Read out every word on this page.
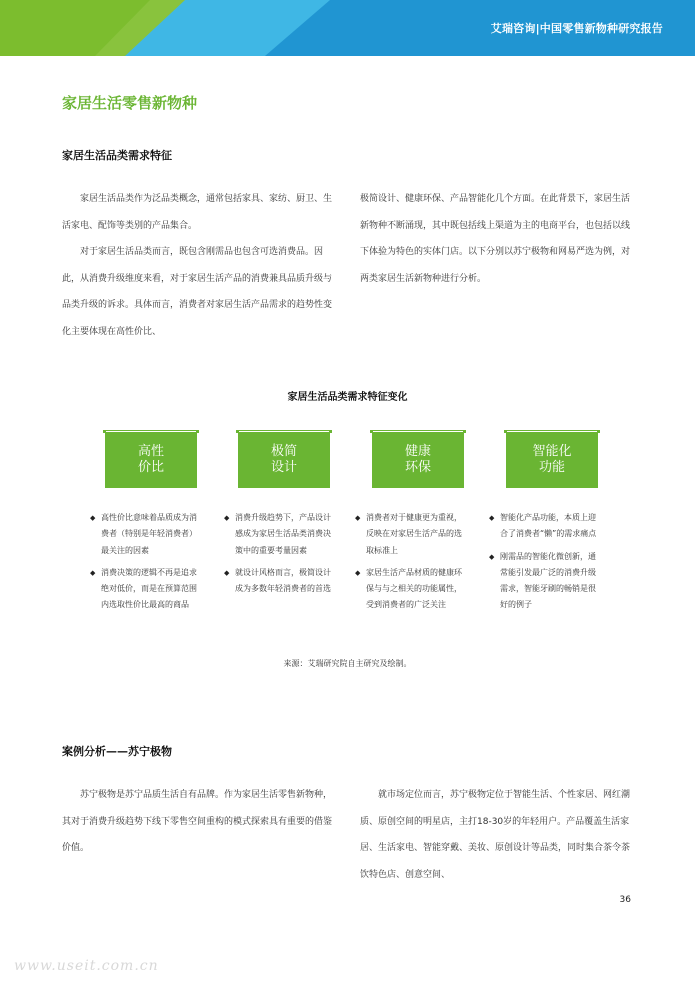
艾瑞咨询|中国零售新物种研究报告
家居生活零售新物种
家居生活品类需求特征

家居生活品类作为泛品类概念，通常包括家具、家纺、厨卫、生活家电、配饰等类别的产品集合。

对于家居生活品类而言，既包含刚需品也包含可选消费品。因此，从消费升级维度来看，对于家居生活产品的消费兼具品质升级与品类升级的诉求。具体而言，消费者对家居生活产品需求的趋势性变化主要体现在高性价比、

极简设计、健康环保、产品智能化几个方面。在此背景下，家居生活新物种不断涌现，其中既包括线上渠道为主的电商平台，也包括以线下体验为特色的实体门店。以下分别以苏宁极物和网易严选为例，对两类家居生活新物种进行分析。

家居生活品类需求特征变化
高性
价比
极简
设计
健康
环保
智能化
功能
◆ 高性价比意味着品质成为消费者（特别是年轻消费者）最关注的因素
◆ 消费决策的逻辑不再是追求绝对低价，而是在预算范围内选取性价比最高的商品
◆ 消费升级趋势下，产品设计感成为家居生活品类消费决策中的重要考量因素
◆ 就设计风格而言，极简设计成为多数年轻消费者的首选
◆ 消费者对于健康更为重视，反映在对家居生活产品的选取标准上
◆ 家居生活产品材质的健康环保与与之相关的功能属性，受到消费者的广泛关注
◆ 智能化产品功能，本质上迎合了消费者“懒”的需求痛点
◆ 刚需品的智能化微创新，通常能引发最广泛的消费升级需求，智能牙刷的畅销是很好的例子
来源：艾瑞研究院自主研究及绘制。
案例分析——苏宁极物

苏宁极物是苏宁品质生活自有品牌。作为家居生活零售新物种，其对于消费升级趋势下线下零售空间重构的模式探索具有重要的借鉴价值。

就市场定位而言，苏宁极物定位于智能生活、个性家居、网红潮质、原创空间的明星店，主打18-30岁的年轻用户。产品覆盖生活家居、生活家电、智能穿戴、美妆、原创设计等品类，同时集合茶令茶饮特色店、创意空间、

36
www.useit.com.cn
